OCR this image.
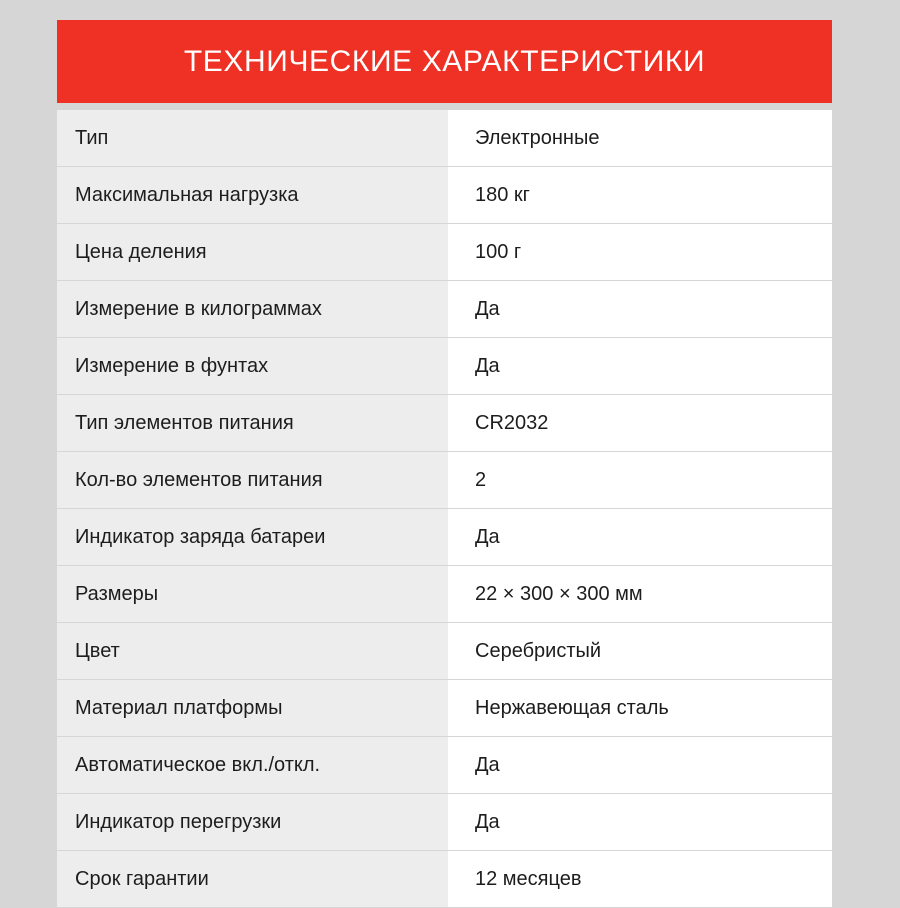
ТЕХНИЧЕСКИЕ ХАРАКТЕРИСТИКИ
Тип	Электронные
Максимальная нагрузка	180 кг
Цена деления	100 г
Измерение в килограммах	Да
Измерение в фунтах	Да
Тип элементов питания	CR2032
Кол-во элементов питания	2
Индикатор заряда батареи	Да
Размеры	22 × 300 × 300 мм
Цвет	Серебристый
Материал платформы	Нержавеющая сталь
Автоматическое вкл./откл.	Да
Индикатор перегрузки	Да
Срок гарантии	12 месяцев
